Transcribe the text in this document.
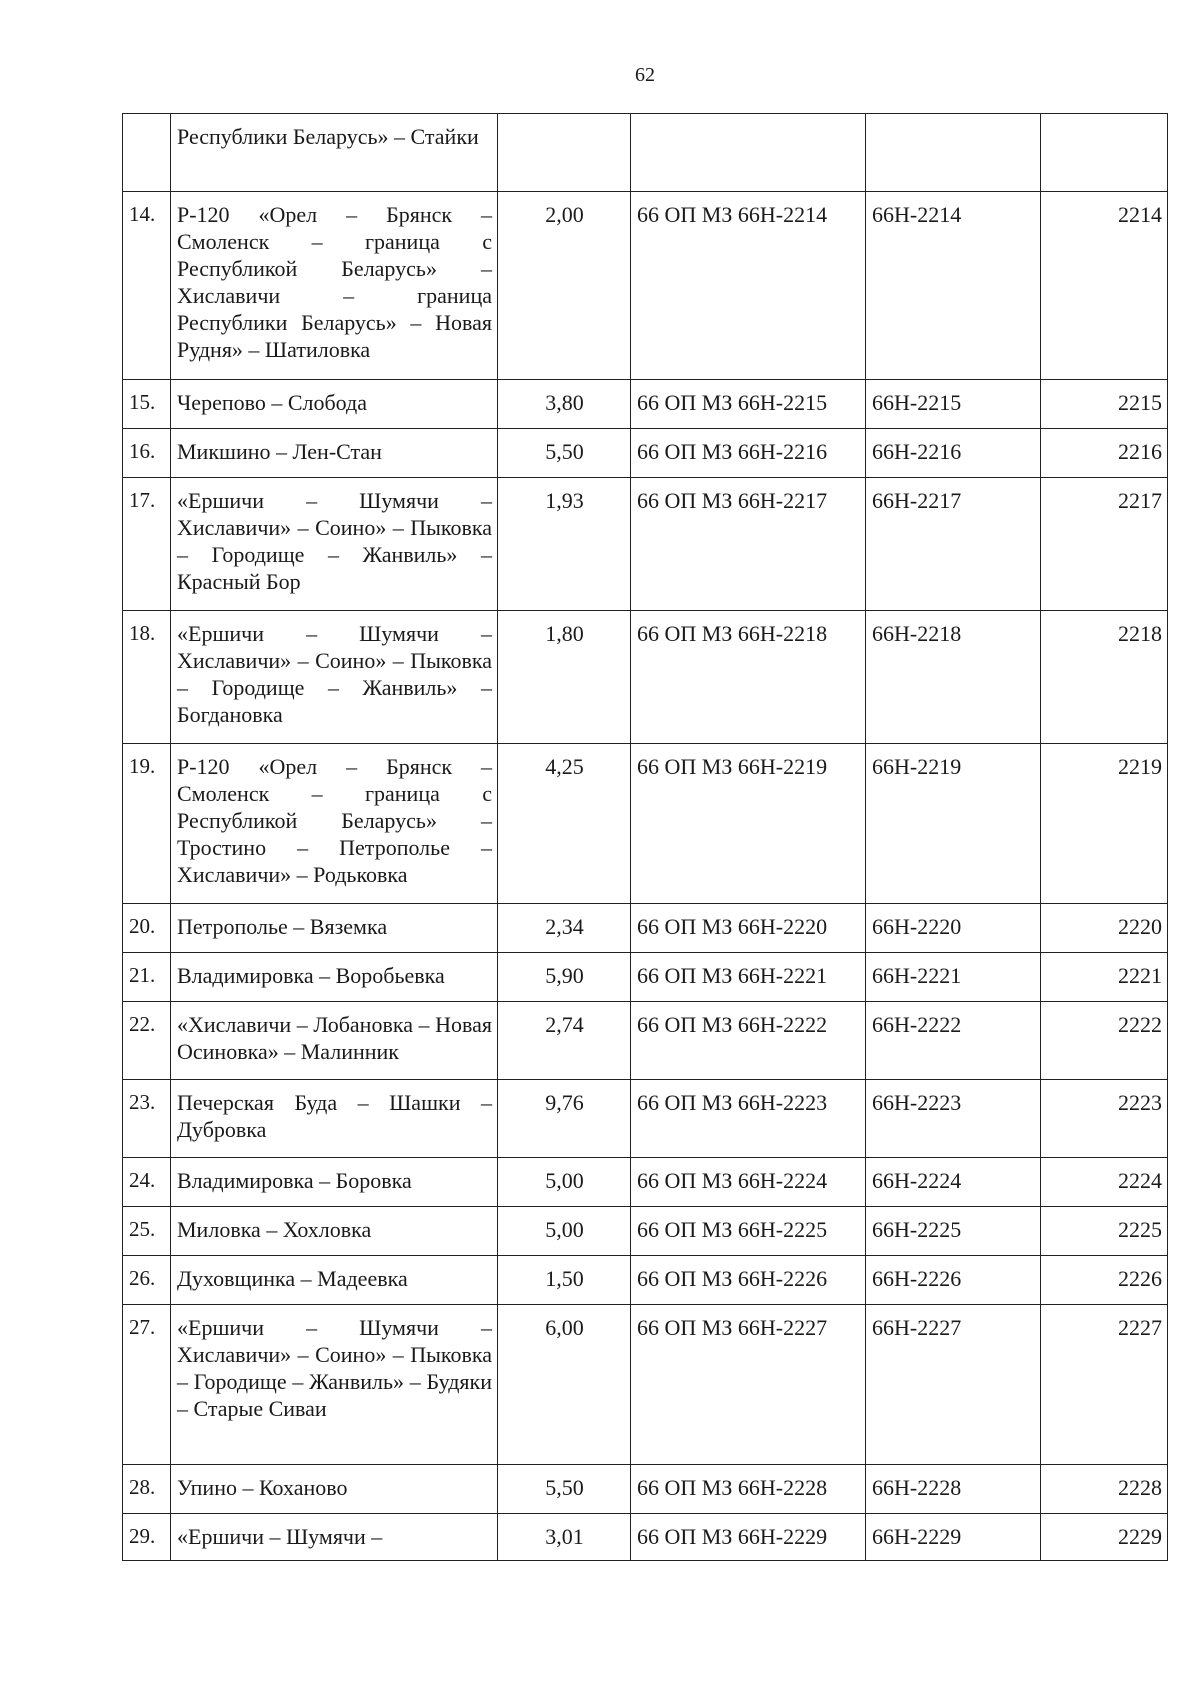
62
	Республики Беларусь» – Стайки				
14.	Р-120 «Орел – Брянск – Смоленск – граница с Республикой Беларусь» – Хиславичи – граница Республики Беларусь» – Новая Рудня» – Шатиловка	2,00	66 ОП МЗ 66Н-2214	66Н-2214	2214
15.	Черепово – Слобода	3,80	66 ОП МЗ 66Н-2215	66Н-2215	2215
16.	Микшино – Лен-Стан	5,50	66 ОП МЗ 66Н-2216	66Н-2216	2216
17.	«Ершичи – Шумячи – Хиславичи» – Соино» – Пыковка – Городище – Жанвиль» – Красный Бор	1,93	66 ОП МЗ 66Н-2217	66Н-2217	2217
18.	«Ершичи – Шумячи – Хиславичи» – Соино» – Пыковка – Городище – Жанвиль» – Богдановка	1,80	66 ОП МЗ 66Н-2218	66Н-2218	2218
19.	Р-120 «Орел – Брянск – Смоленск – граница с Республикой Беларусь» – Тростино – Петрополье – Хиславичи» – Родьковка	4,25	66 ОП МЗ 66Н-2219	66Н-2219	2219
20.	Петрополье – Вяземка	2,34	66 ОП МЗ 66Н-2220	66Н-2220	2220
21.	Владимировка – Воробьевка	5,90	66 ОП МЗ 66Н-2221	66Н-2221	2221
22.	«Хиславичи – Лобановка – Новая Осиновка» – Малинник	2,74	66 ОП МЗ 66Н-2222	66Н-2222	2222
23.	Печерская Буда – Шашки – Дубровка	9,76	66 ОП МЗ 66Н-2223	66Н-2223	2223
24.	Владимировка – Боровка	5,00	66 ОП МЗ 66Н-2224	66Н-2224	2224
25.	Миловка – Хохловка	5,00	66 ОП МЗ 66Н-2225	66Н-2225	2225
26.	Духовщинка – Мадеевка	1,50	66 ОП МЗ 66Н-2226	66Н-2226	2226
27.	«Ершичи – Шумячи – Хиславичи» – Соино» – Пыковка – Городище – Жанвиль» – Будяки – Старые Сиваи	6,00	66 ОП МЗ 66Н-2227	66Н-2227	2227
28.	Упино – Коханово	5,50	66 ОП МЗ 66Н-2228	66Н-2228	2228
29.	«Ершичи – Шумячи –	3,01	66 ОП МЗ 66Н-2229	66Н-2229	2229
